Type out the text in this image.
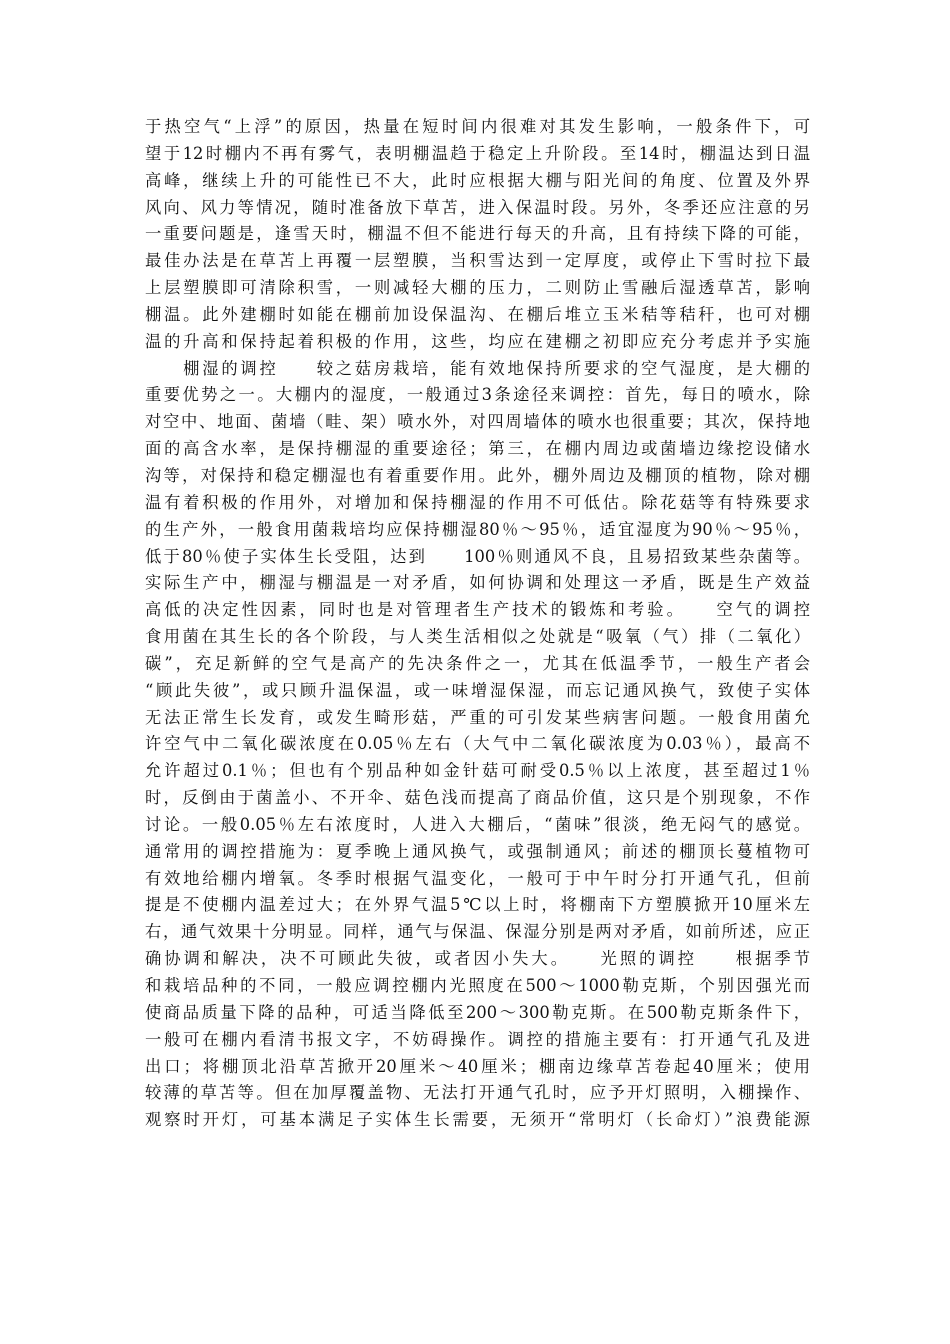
于热空气“上浮”的原因，热量在短时间内很难对其发生影响，一般条件下，可
望于12时棚内不再有雾气，表明棚温趋于稳定上升阶段。至14时，棚温达到日温
高峰，继续上升的可能性已不大，此时应根据大棚与阳光间的角度、位置及外界
风向、风力等情况，随时准备放下草苫，进入保温时段。另外，冬季还应注意的另
一重要问题是，逢雪天时，棚温不但不能进行每天的升高，且有持续下降的可能，
最佳办法是在草苫上再覆一层塑膜，当积雪达到一定厚度，或停止下雪时拉下最
上层塑膜即可清除积雪，一则减轻大棚的压力，二则防止雪融后湿透草苫，影响
棚温。此外建棚时如能在棚前加设保温沟、在棚后堆立玉米秸等秸秆，也可对棚
温的升高和保持起着积极的作用，这些，均应在建棚之初即应充分考虑并予实施
　　棚湿的调控　　较之菇房栽培，能有效地保持所要求的空气湿度，是大棚的
重要优势之一。大棚内的湿度，一般通过3条途径来调控：首先，每日的喷水，除
对空中、地面、菌墙（畦、架）喷水外，对四周墙体的喷水也很重要；其次，保持地
面的高含水率，是保持棚湿的重要途径；第三，在棚内周边或菌墙边缘挖设储水
沟等，对保持和稳定棚湿也有着重要作用。此外，棚外周边及棚顶的植物，除对棚
温有着积极的作用外，对增加和保持棚湿的作用不可低估。除花菇等有特殊要求
的生产外，一般食用菌栽培均应保持棚湿80％～95％，适宜湿度为90％～95％，
低于80％使子实体生长受阻，达到　　100％则通风不良，且易招致某些杂菌等。
实际生产中，棚湿与棚温是一对矛盾，如何协调和处理这一矛盾，既是生产效益
高低的决定性因素，同时也是对管理者生产技术的锻炼和考验。　　空气的调控
食用菌在其生长的各个阶段，与人类生活相似之处就是“吸氧（气）排（二氧化）
碳”，充足新鲜的空气是高产的先决条件之一，尤其在低温季节，一般生产者会
“顾此失彼”，或只顾升温保温，或一味增湿保湿，而忘记通风换气，致使子实体
无法正常生长发育，或发生畸形菇，严重的可引发某些病害问题。一般食用菌允
许空气中二氧化碳浓度在0.05％左右（大气中二氧化碳浓度为0.03％），最高不
允许超过0.1％；但也有个别品种如金针菇可耐受0.5％以上浓度，甚至超过1％
时，反倒由于菌盖小、不开伞、菇色浅而提高了商品价值，这只是个别现象，不作
讨论。一般0.05％左右浓度时，人进入大棚后，“菌味”很淡，绝无闷气的感觉。
通常用的调控措施为：夏季晚上通风换气，或强制通风；前述的棚顶长蔓植物可
有效地给棚内增氧。冬季时根据气温变化，一般可于中午时分打开通气孔，但前
提是不使棚内温差过大；在外界气温5℃以上时，将棚南下方塑膜掀开10厘米左
右，通气效果十分明显。同样，通气与保温、保湿分别是两对矛盾，如前所述，应正
确协调和解决，决不可顾此失彼，或者因小失大。　　光照的调控　　根据季节
和栽培品种的不同，一般应调控棚内光照度在500～1000勒克斯，个别因强光而
使商品质量下降的品种，可适当降低至200～300勒克斯。在500勒克斯条件下，
一般可在棚内看清书报文字，不妨碍操作。调控的措施主要有：打开通气孔及进
出口；将棚顶北沿草苫掀开20厘米～40厘米；棚南边缘草苫卷起40厘米；使用
较薄的草苫等。但在加厚覆盖物、无法打开通气孔时，应予开灯照明，入棚操作、
观察时开灯，可基本满足子实体生长需要，无须开“常明灯（长命灯）”浪费能源
